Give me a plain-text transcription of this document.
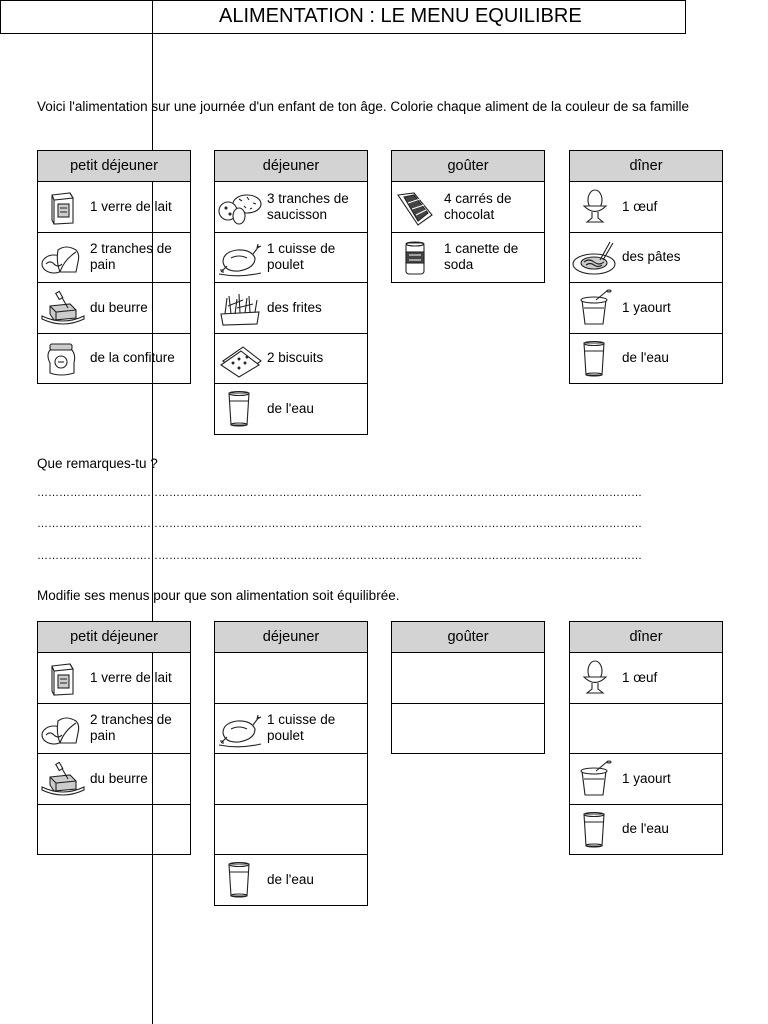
ALIMENTATION : LE MENU EQUILIBRE
Voici l'alimentation sur une journée d'un enfant de ton âge. Colorie chaque aliment de la couleur de sa famille
petit déjeuner
1 verre de lait
2 tranches de pain
du beurre
de la confiture
déjeuner
3 tranches de saucisson
1 cuisse de poulet
des frites
2 biscuits
de l'eau
goûter
4 carrés de chocolat
1 canette de soda
dîner
1 œuf
des pâtes
1 yaourt
de l'eau
Que remarques-tu ?
…………………………………………………………………………………………………………………………………………………
…………………………………………………………………………………………………………………………………………………
…………………………………………………………………………………………………………………………………………………
Modifie ses menus pour que son alimentation soit équilibrée.
petit déjeuner
1 verre de lait
2 tranches de pain
du beurre
déjeuner
1 cuisse de poulet
de l'eau
goûter	dîner
1 œuf
1 yaourt
de l'eau
